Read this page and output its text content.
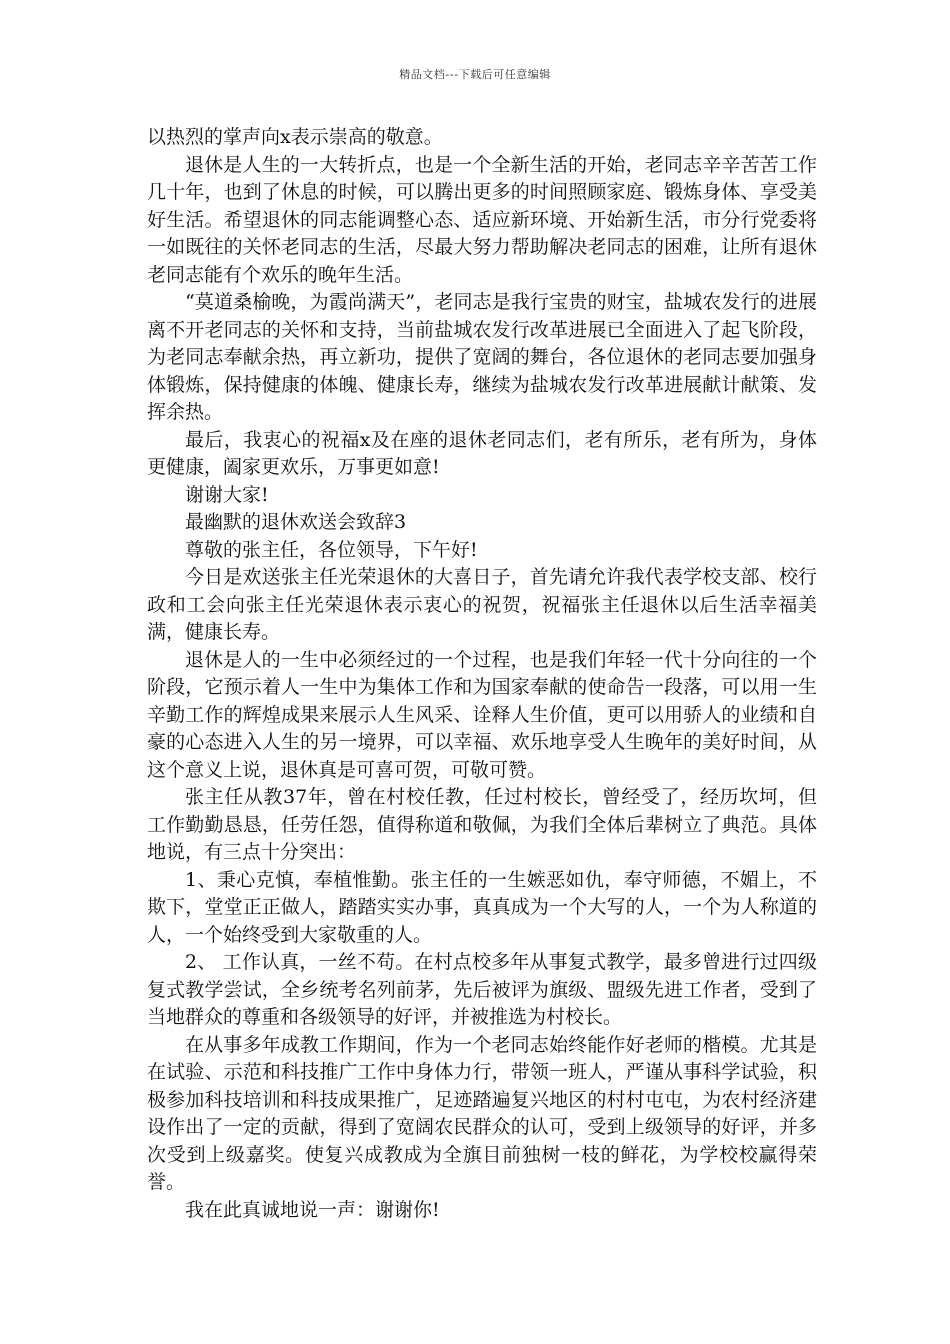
精品文档---下载后可任意编辑

以热烈的掌声向x表示崇高的敬意。

退休是人生的一大转折点，也是一个全新生活的开始，老同志辛辛苦苦工作几十年，也到了休息的时候，可以腾出更多的时间照顾家庭、锻炼身体、享受美好生活。希望退休的同志能调整心态、适应新环境、开始新生活，市分行党委将一如既往的关怀老同志的生活，尽最大努力帮助解决老同志的困难，让所有退休老同志能有个欢乐的晚年生活。

“莫道桑榆晚，为霞尚满天”，老同志是我行宝贵的财宝，盐城农发行的进展离不开老同志的关怀和支持，当前盐城农发行改革进展已全面进入了起飞阶段，为老同志奉献余热，再立新功，提供了宽阔的舞台，各位退休的老同志要加强身体锻炼，保持健康的体魄、健康长寿，继续为盐城农发行改革进展献计献策、发挥余热。

最后，我衷心的祝福x及在座的退休老同志们，老有所乐，老有所为，身体更健康，阖家更欢乐，万事更如意!

谢谢大家!

最幽默的退休欢送会致辞3

尊敬的张主任，各位领导，下午好!

今日是欢送张主任光荣退休的大喜日子，首先请允许我代表学校支部、校行政和工会向张主任光荣退休表示衷心的祝贺，祝福张主任退休以后生活幸福美满，健康长寿。

退休是人的一生中必须经过的一个过程，也是我们年轻一代十分向往的一个阶段，它预示着人一生中为集体工作和为国家奉献的使命告一段落，可以用一生辛勤工作的辉煌成果来展示人生风采、诠释人生价值，更可以用骄人的业绩和自豪的心态进入人生的另一境界，可以幸福、欢乐地享受人生晚年的美好时间，从这个意义上说，退休真是可喜可贺，可敬可赞。

张主任从教37年，曾在村校任教，任过村校长，曾经受了，经历坎坷，但工作勤勤恳恳，任劳任怨，值得称道和敬佩，为我们全体后辈树立了典范。具体地说，有三点十分突出：

1、秉心克慎，奉植惟勤。张主任的一生嫉恶如仇，奉守师德，不媚上，不欺下，堂堂正正做人，踏踏实实办事，真真成为一个大写的人，一个为人称道的人，一个始终受到大家敬重的人。

2、 工作认真，一丝不苟。在村点校多年从事复式教学，最多曾进行过四级复式教学尝试，全乡统考名列前茅，先后被评为旗级、盟级先进工作者，受到了当地群众的尊重和各级领导的好评，并被推选为村校长。

在从事多年成教工作期间，作为一个老同志始终能作好老师的楷模。尤其是在试验、示范和科技推广工作中身体力行，带领一班人，严谨从事科学试验，积极参加科技培训和科技成果推广，足迹踏遍复兴地区的村村屯屯，为农村经济建设作出了一定的贡献，得到了宽阔农民群众的认可，受到上级领导的好评，并多次受到上级嘉奖。使复兴成教成为全旗目前独树一枝的鲜花，为学校校赢得荣誉。

我在此真诚地说一声：谢谢你!
